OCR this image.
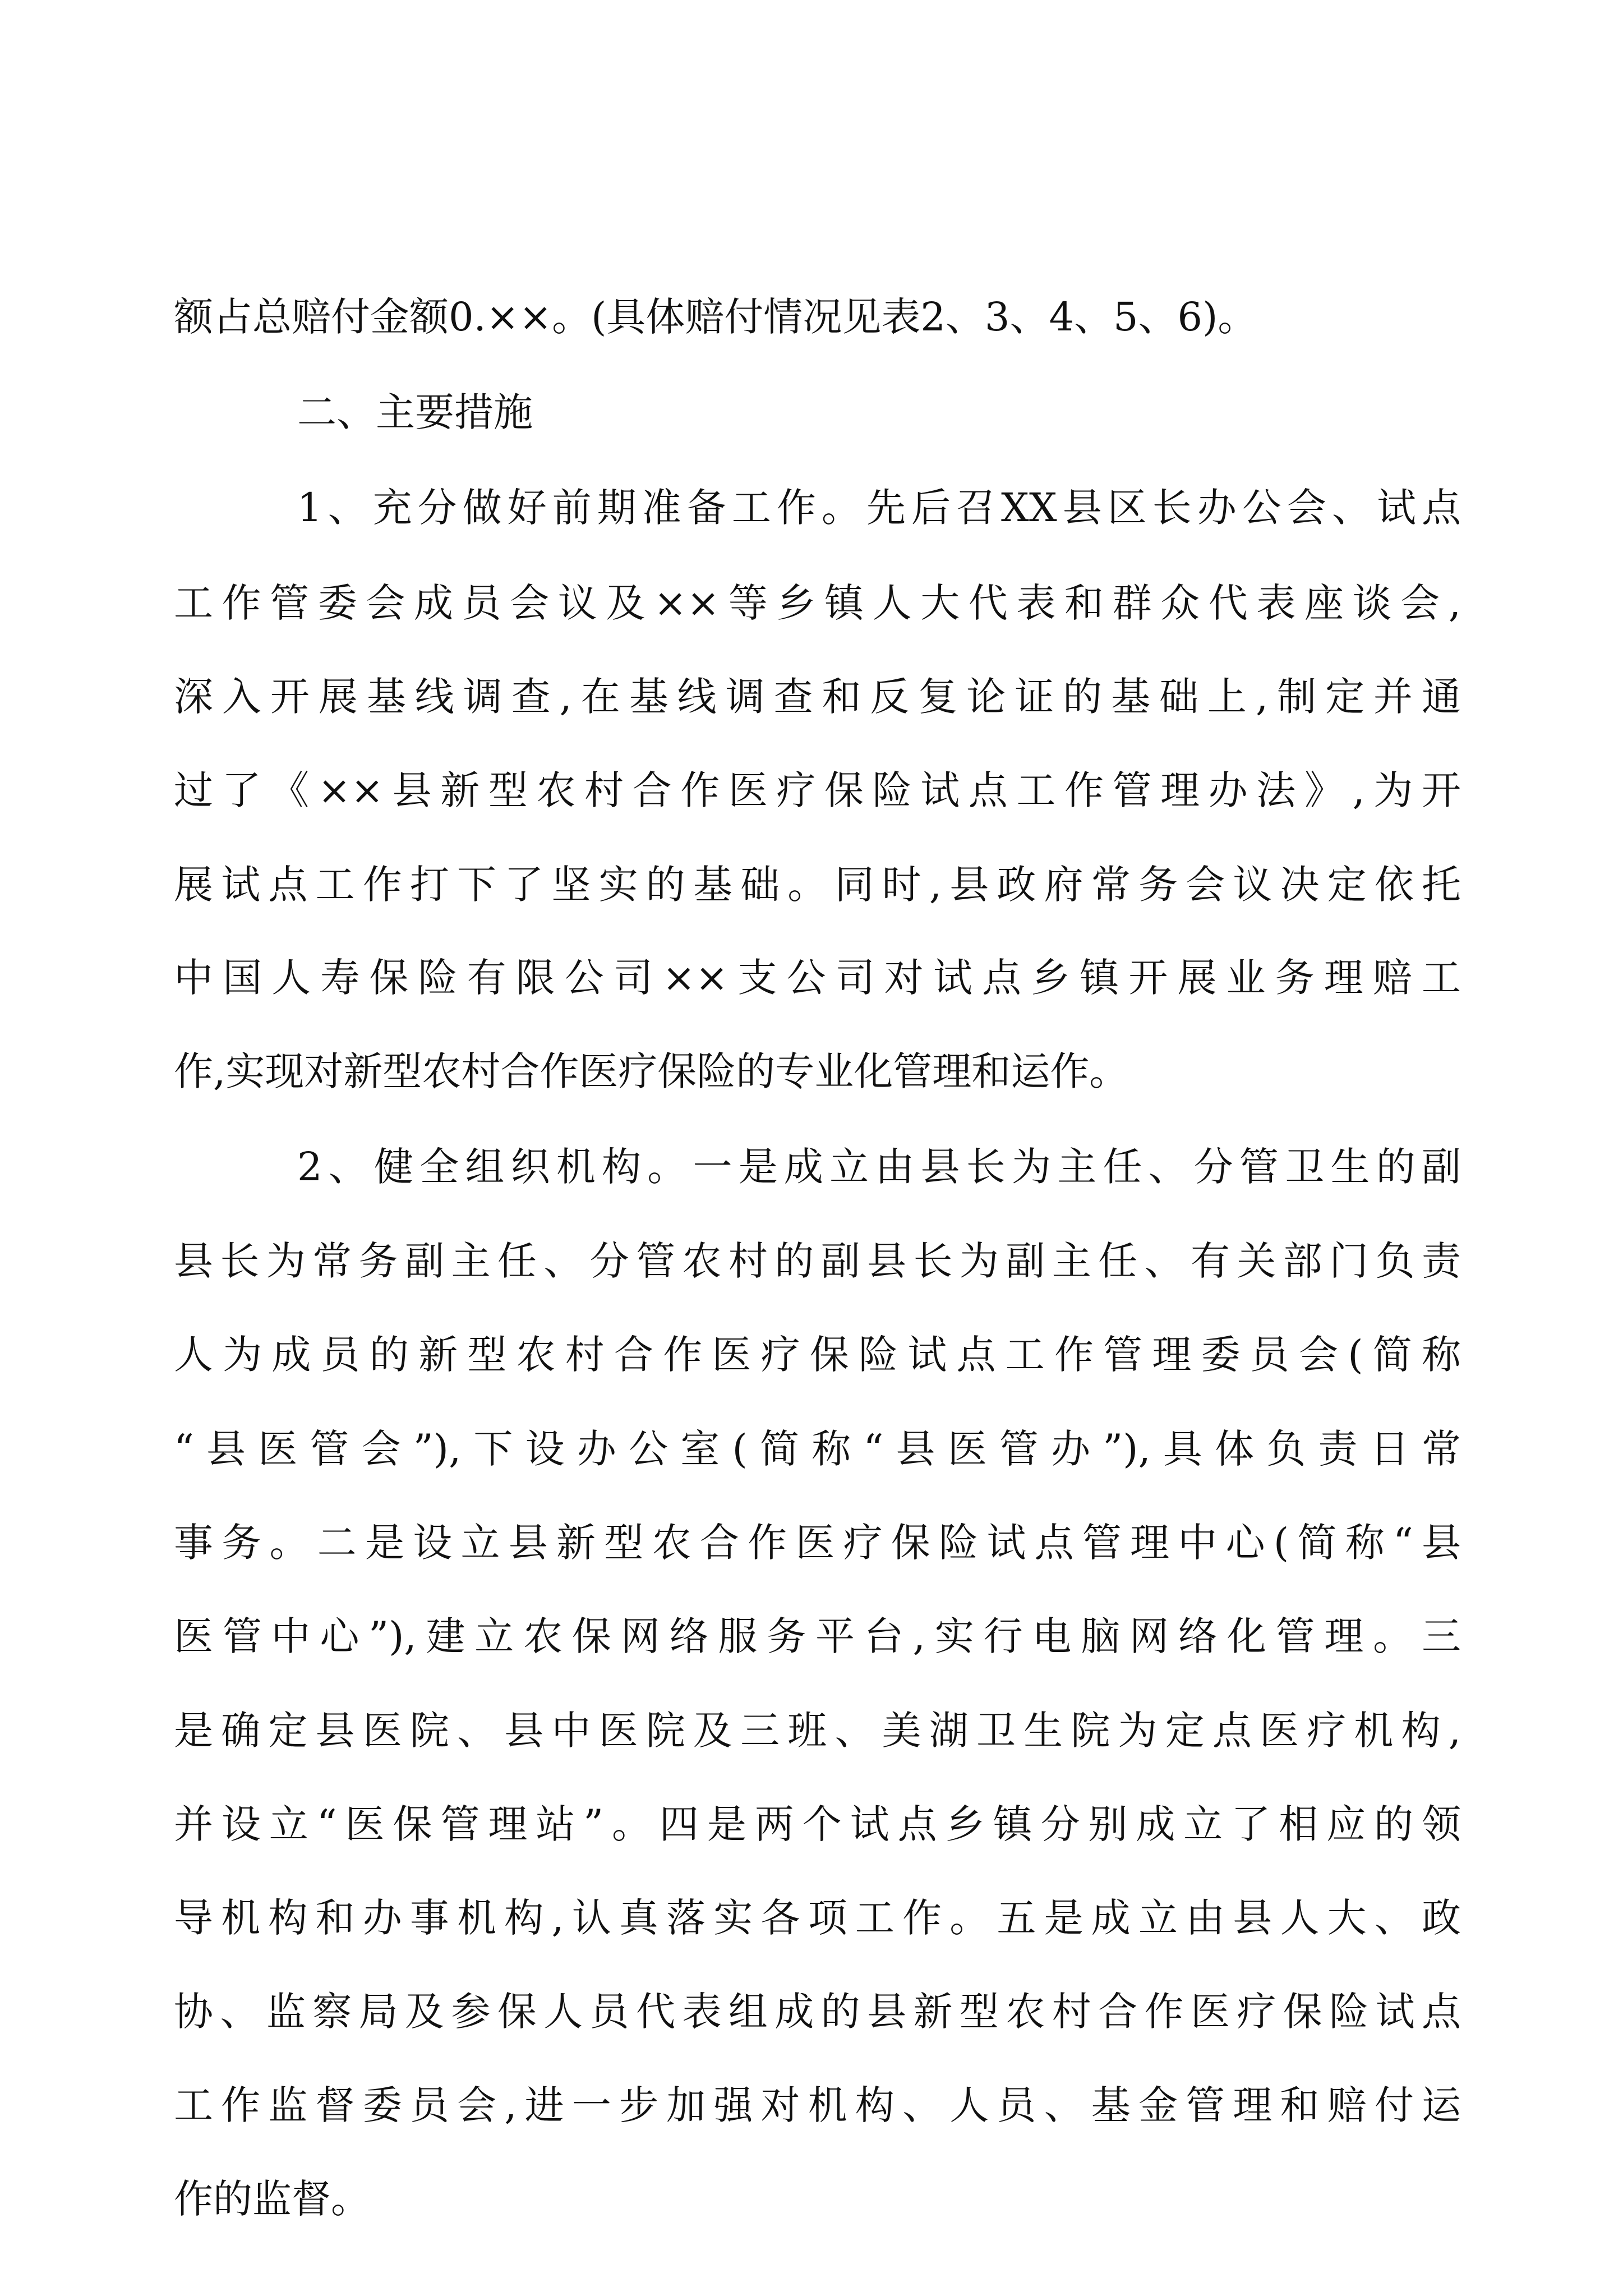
额占总赔付金额0.××。(具体赔付情况见表2、3、4、5、6)。
二、主要措施
1、充分做好前期准备工作。先后召XX县区长办公会、试点
工作管委会成员会议及××等乡镇人大代表和群众代表座谈会,
深入开展基线调查,在基线调查和反复论证的基础上,制定并通
过了《××县新型农村合作医疗保险试点工作管理办法》,为开
展试点工作打下了坚实的基础。同时,县政府常务会议决定依托
中国人寿保险有限公司××支公司对试点乡镇开展业务理赔工
作,实现对新型农村合作医疗保险的专业化管理和运作。
2、健全组织机构。一是成立由县长为主任、分管卫生的副
县长为常务副主任、分管农村的副县长为副主任、有关部门负责
人为成员的新型农村合作医疗保险试点工作管理委员会(简称
“县医管会”),下设办公室(简称“县医管办”),具体负责日常
事务。二是设立县新型农合作医疗保险试点管理中心(简称“县
医管中心”),建立农保网络服务平台,实行电脑网络化管理。三
是确定县医院、县中医院及三班、美湖卫生院为定点医疗机构,
并设立“医保管理站”。四是两个试点乡镇分别成立了相应的领
导机构和办事机构,认真落实各项工作。五是成立由县人大、政
协、监察局及参保人员代表组成的县新型农村合作医疗保险试点
工作监督委员会,进一步加强对机构、人员、基金管理和赔付运
作的监督。
